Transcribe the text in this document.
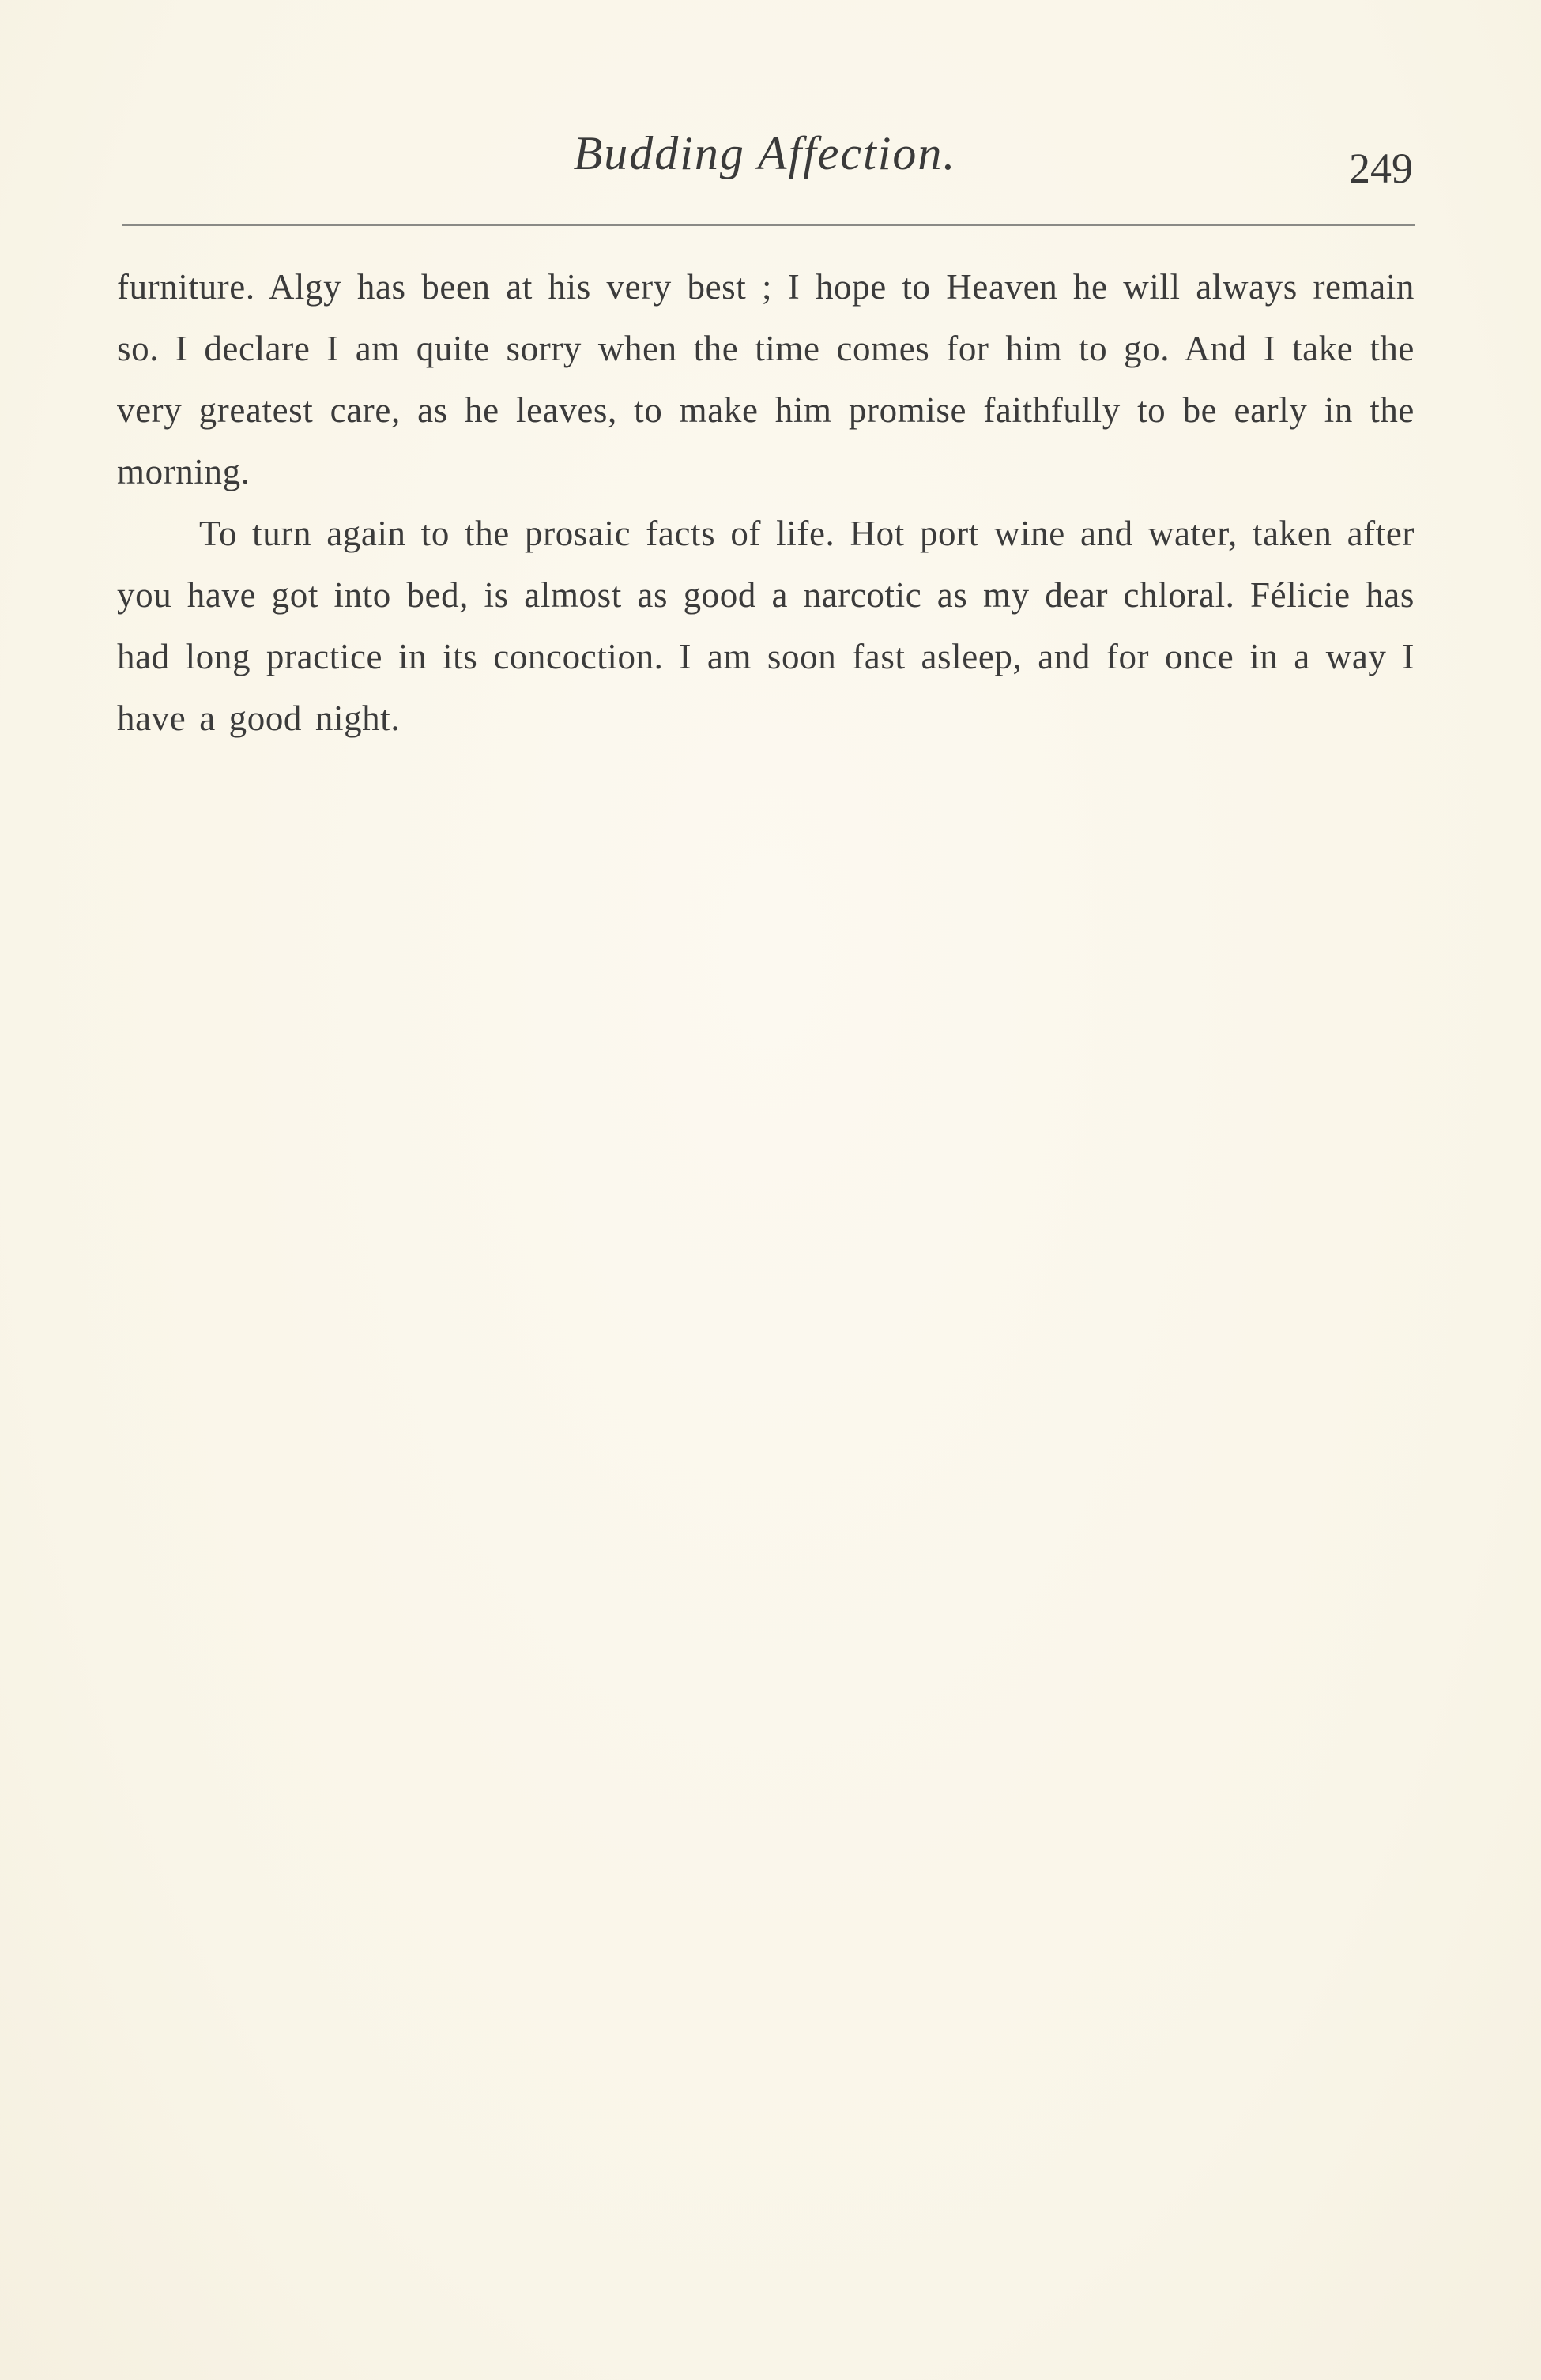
Budding Affection.	249

furniture. Algy has been at his very best ; I hope to Heaven he will always remain so. I declare I am quite sorry when the time comes for him to go. And I take the very greatest care, as he leaves, to make him promise faithfully to be early in the morning.

To turn again to the prosaic facts of life. Hot port wine and water, taken after you have got into bed, is almost as good a narcotic as my dear chloral. Félicie has had long practice in its concoction. I am soon fast asleep, and for once in a way I have a good night.
